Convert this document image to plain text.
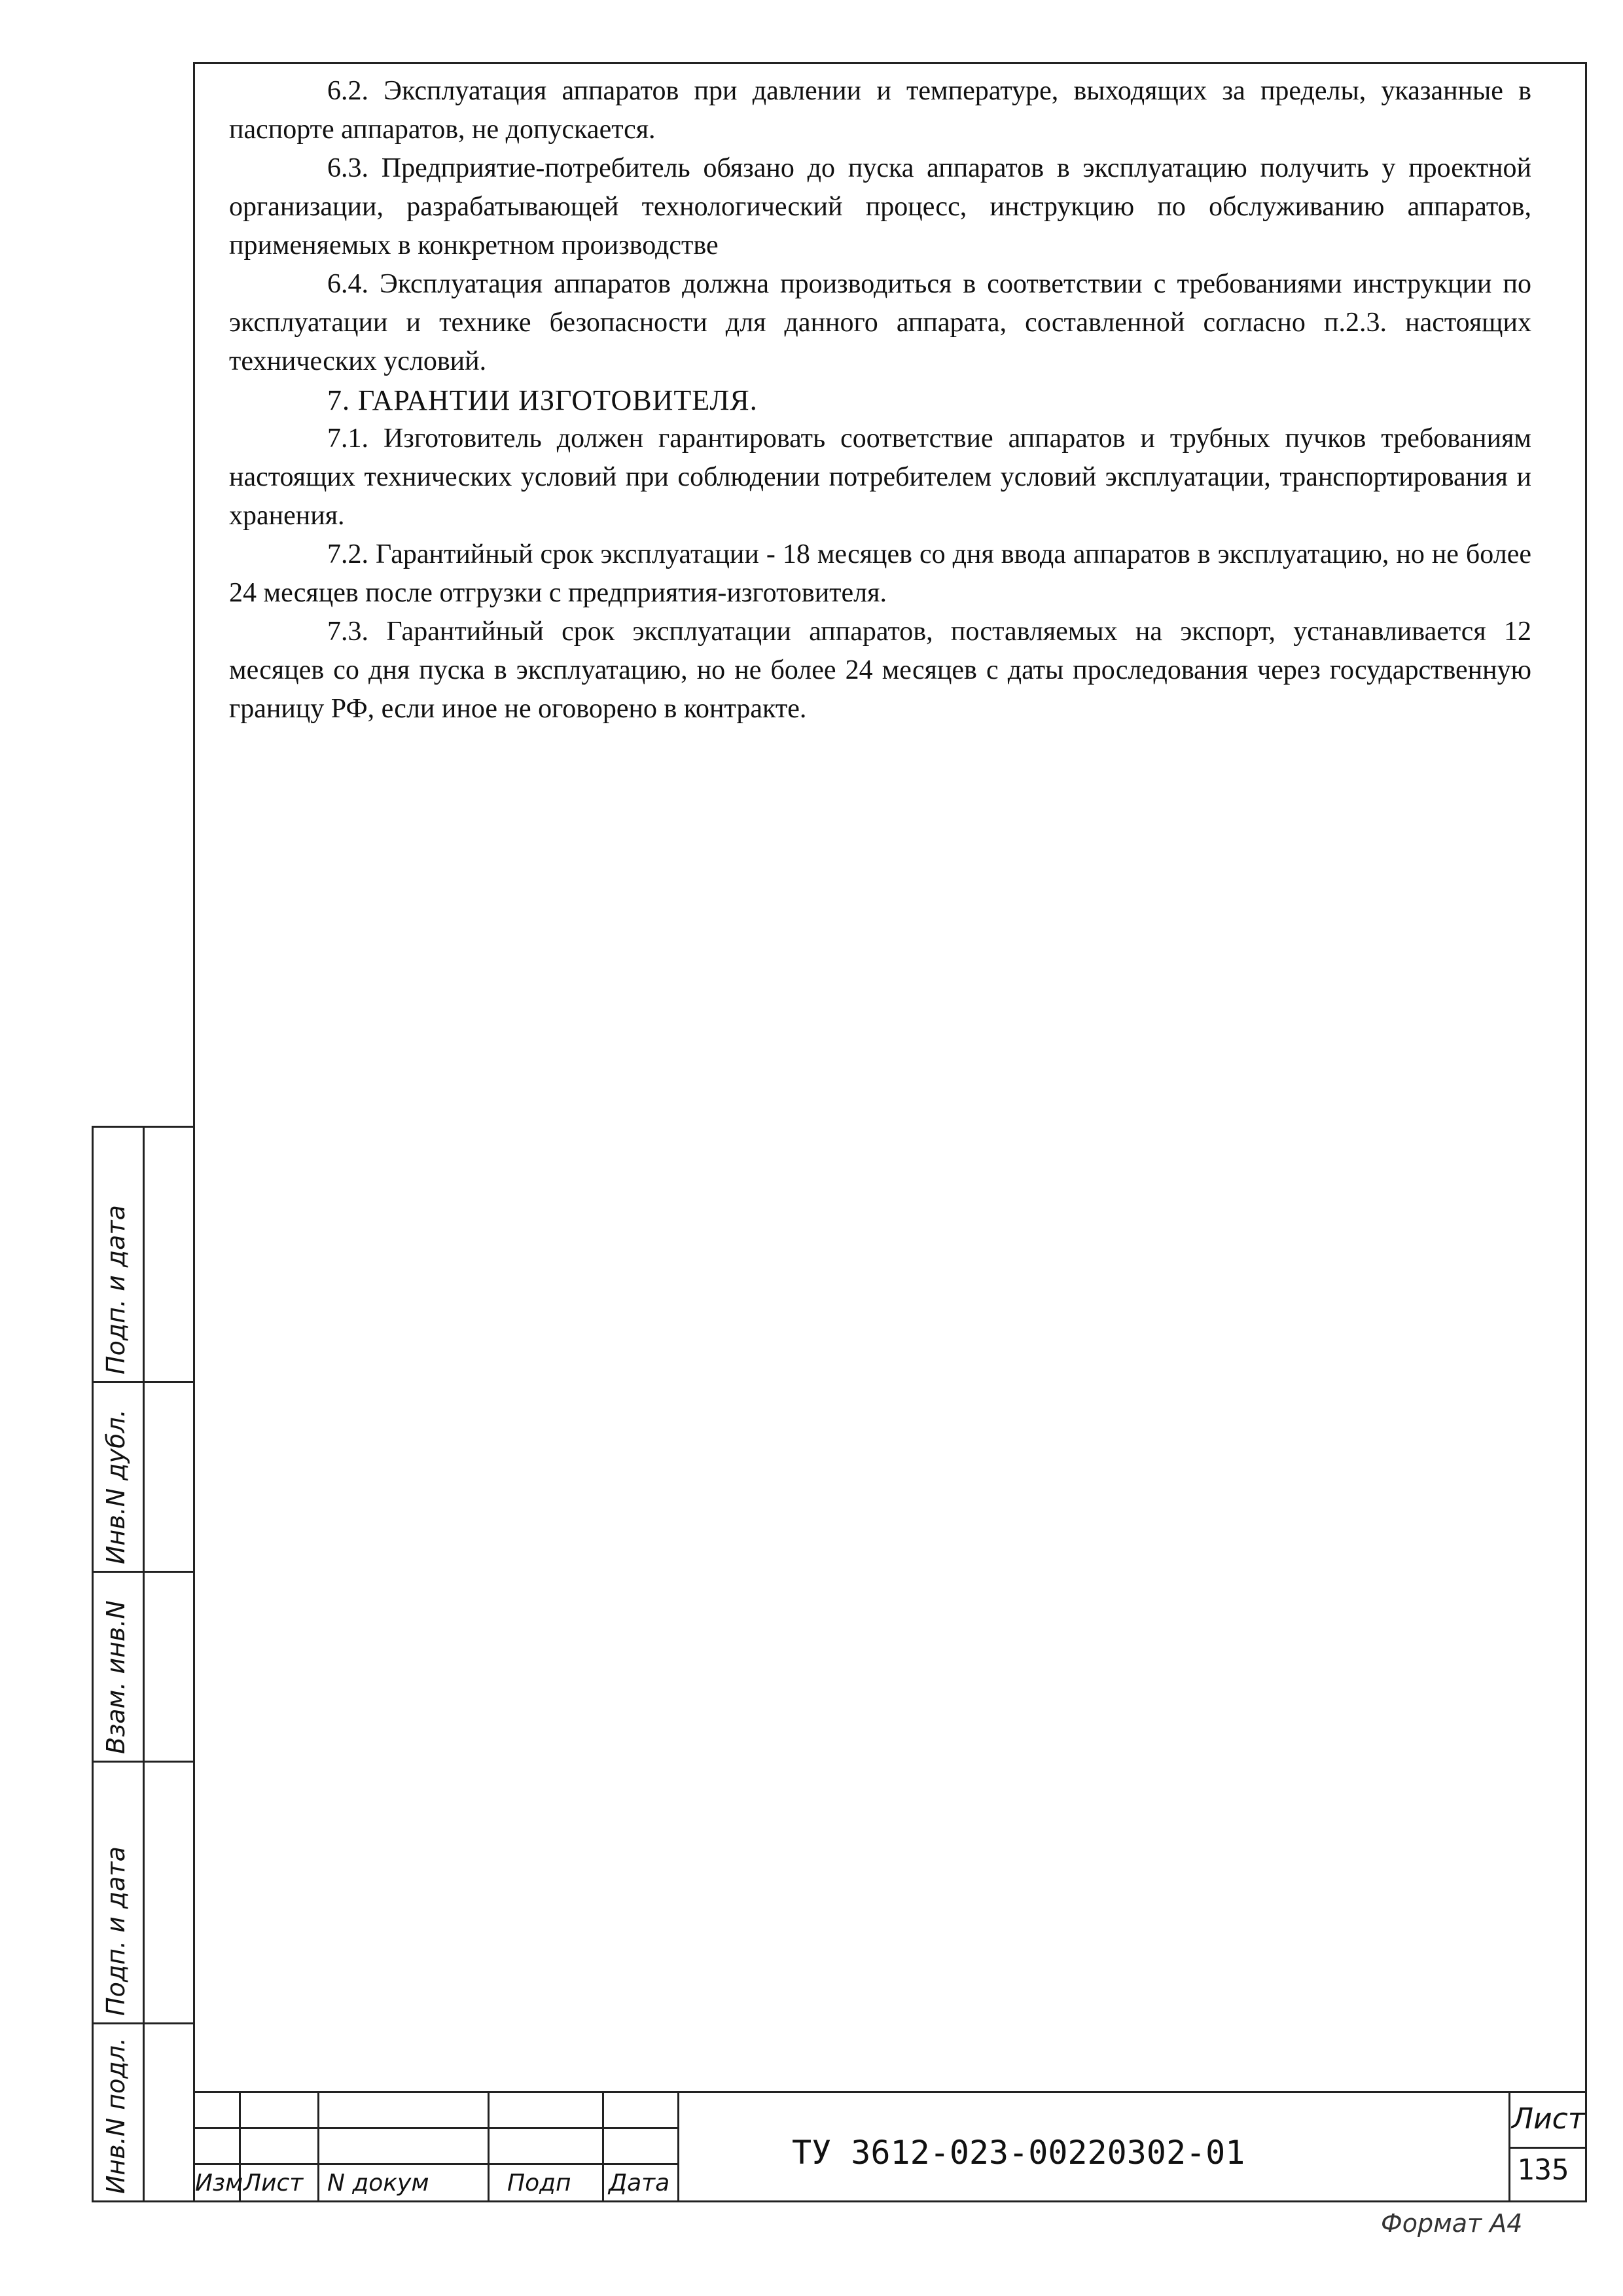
6.2. Эксплуатация аппаратов при давлении и температуре, выходящих за пределы, указанные в паспорте аппаратов, не допускается.

6.3. Предприятие-потребитель обязано до пуска аппаратов в эксплуатацию получить у проектной организации, разрабатывающей технологический процесс, инструкцию по обслуживанию аппаратов, применяемых в конкретном производстве

6.4. Эксплуатация аппаратов должна производиться в соответствии с требованиями инструкции по эксплуатации и технике безопасности для данного аппарата, составленной согласно п.2.3. настоящих технических условий.

7. ГАРАНТИИ ИЗГОТОВИТЕЛЯ.

7.1. Изготовитель должен гарантировать соответствие аппаратов и трубных пучков требованиям настоящих технических условий при соблюдении потребителем условий эксплуатации, транспортирования и хранения.

7.2. Гарантийный срок эксплуатации - 18 месяцев со дня ввода аппаратов в эксплуатацию, но не более 24 месяцев после отгрузки с предприятия-изготовителя.

7.3. Гарантийный срок эксплуатации аппаратов, поставляемых на экспорт, устанавливается 12 месяцев со дня пуска в эксплуатацию, но не более 24 месяцев с даты проследования через государственную границу РФ, если иное не оговорено в контракте.

Подп. и дата
Инв.N дубл.
Взам. инв.N
Подп. и дата
Инв.N подл.	Изм Лист N докум	Подп Дата
ТУ 3612-023-00220302-01
Лист
135
Формат А4
